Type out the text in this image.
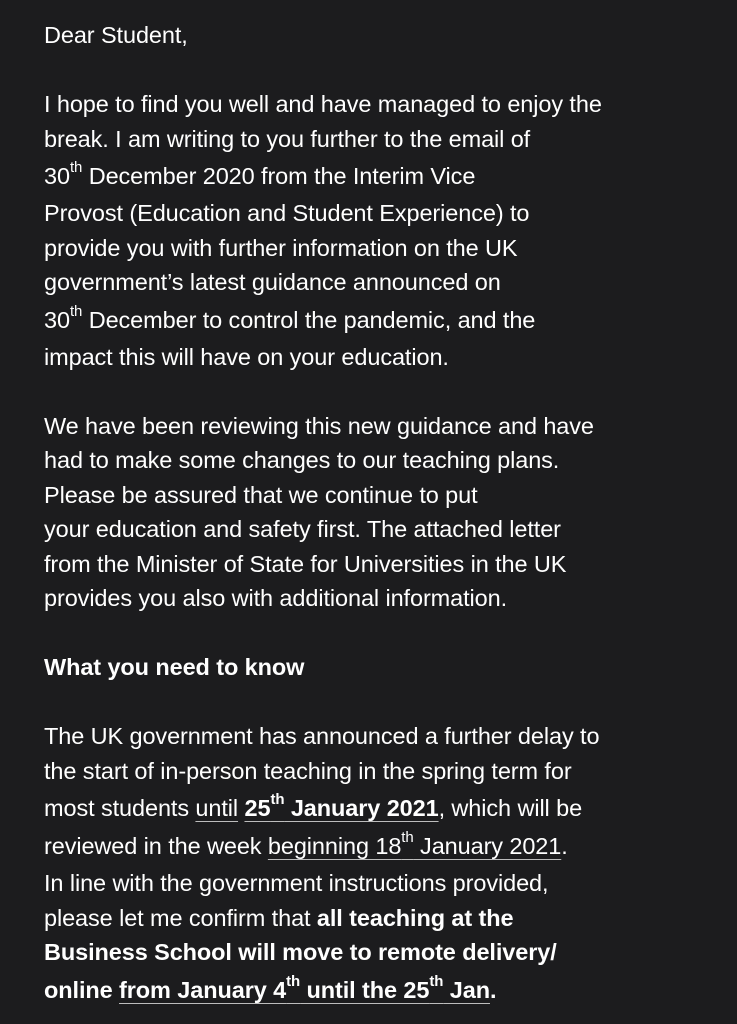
Dear Student,

I hope to find you well and have managed to enjoy the
break. I am writing to you further to the email of
30th December 2020 from the Interim Vice
Provost (Education and Student Experience) to
provide you with further information on the UK
government’s latest guidance announced on
30th December to control the pandemic, and the
impact this will have on your education.

We have been reviewing this new guidance and have
had to make some changes to our teaching plans.
Please be assured that we continue to put
your education and safety first. The attached letter
from the Minister of State for Universities in the UK
provides you also with additional information.

What you need to know

The UK government has announced a further delay to
the start of in-person teaching in the spring term for
most students until 25th January 2021, which will be
reviewed in the week beginning 18th January 2021.
In line with the government instructions provided,
please let me confirm that all teaching at the
Business School will move to remote delivery/
online from January 4th until the 25th Jan.
